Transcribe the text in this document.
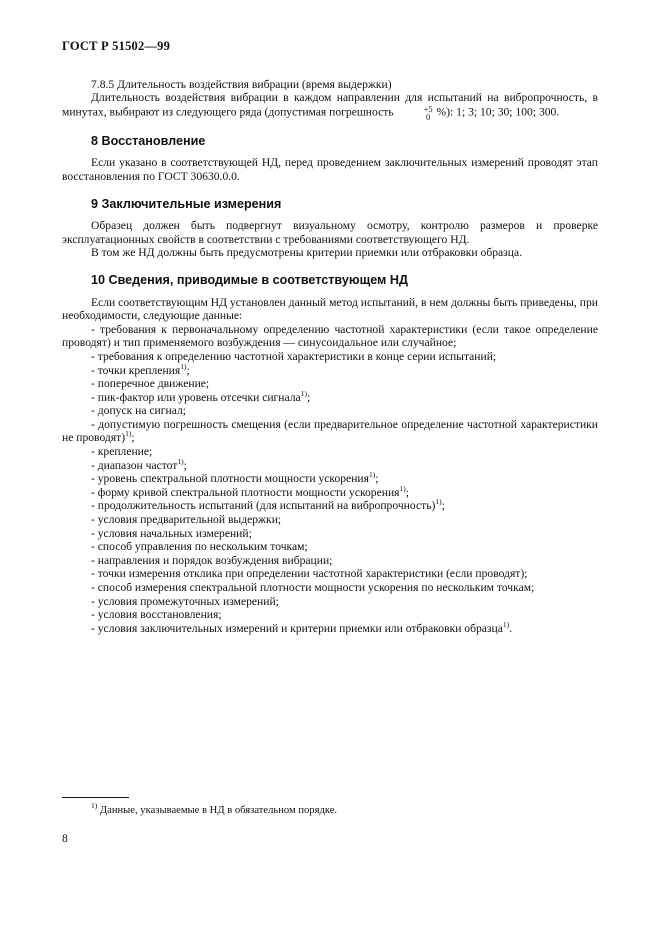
ГОСТ Р 51502—99

7.8.5 Длительность воздействия вибрации (время выдержки)

Длительность воздействия вибрации в каждом направлении для испытаний на вибропрочность, в минутах, выбирают из следующего ряда (допустимая погрешность	+5
0 %): 1; 3; 10; 30; 100; 300.

8 Восстановление

Если указано в соответствующей НД, перед проведением заключительных измерений проводят этап восстановления по ГОСТ 30630.0.0.

9 Заключительные измерения

Образец должен быть подвергнут визуальному осмотру, контролю размеров и проверке эксплуатационных свойств в соответствии с требованиями соответствующего НД.

В том же НД должны быть предусмотрены критерии приемки или отбраковки образца.

10 Сведения, приводимые в соответствующем НД

Если соответствующим НД установлен данный метод испытаний, в нем должны быть приведены, при необходимости, следующие данные:

- требования к первоначальному определению частотной характеристики (если такое определение проводят) и тип применяемого возбуждения — синусоидальное или случайное;
- требования к определению частотной характеристики в конце серии испытаний;
- точки крепления$^{1)}$;
- поперечное движение;
- пик-фактор или уровень отсечки сигнала$^{1)}$;
- допуск на сигнал;
- допустимую погрешность смещения (если предварительное определение частотной характеристики не проводят)$^{1)}$;
- крепление;
- диапазон частот$^{1)}$;
- уровень спектральной плотности мощности ускорения$^{1)}$;
- форму кривой спектральной плотности мощности ускорения$^{1)}$;
- продолжительность испытаний (для испытаний на вибропрочность)$^{1)}$;
- условия предварительной выдержки;
- условия начальных измерений;
- способ управления по нескольким точкам;
- направления и порядок возбуждения вибрации;
- точки измерения отклика при определении частотной характеристики (если проводят);
- способ измерения спектральной плотности мощности ускорения по нескольким точкам;
- условия промежуточных измерений;
- условия восстановления;
- условия заключительных измерений и критерии приемки или отбраковки образца$^{1)}$.
$^{1)}$ Данные, указываемые в НД в обязательном порядке.
8
